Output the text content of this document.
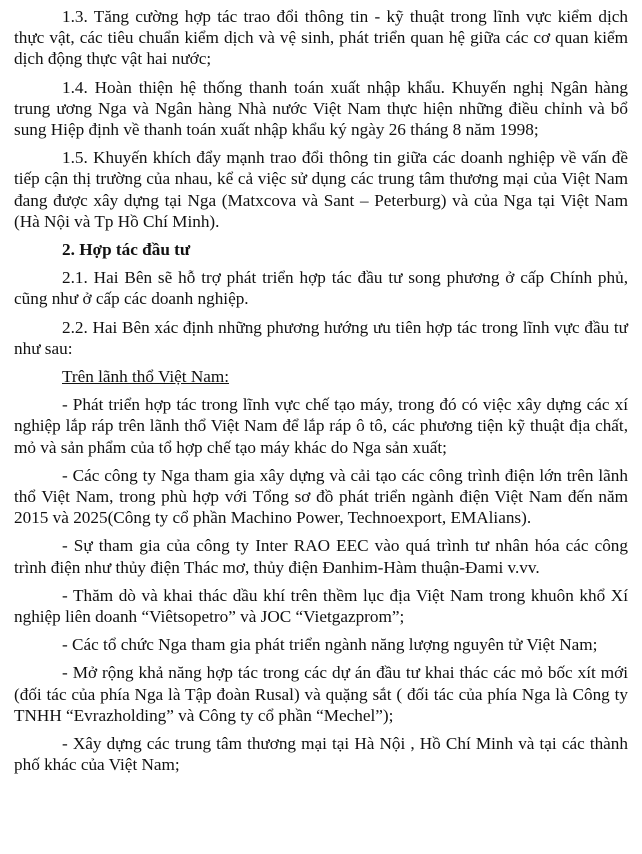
1.3. Tăng cường hợp tác trao đổi thông tin - kỹ thuật trong lĩnh vực kiểm dịch thực vật, các tiêu chuẩn kiểm dịch và vệ sinh, phát triển quan hệ giữa các cơ quan kiểm dịch động thực vật hai nước;

1.4. Hoàn thiện hệ thống thanh toán xuất nhập khẩu. Khuyến nghị Ngân hàng trung ương Nga và Ngân hàng Nhà nước Việt Nam thực hiện những điều chỉnh và bổ sung Hiệp định về thanh toán xuất nhập khẩu ký ngày 26 tháng 8 năm 1998;

1.5. Khuyến khích đẩy mạnh trao đổi thông tin giữa các doanh nghiệp về vấn đề tiếp cận thị trường của nhau, kể cả việc sử dụng các trung tâm thương mại của Việt Nam đang được xây dựng tại Nga (Matxcova và Sant – Peterburg) và của Nga tại Việt Nam (Hà Nội và Tp Hồ Chí Minh).

2. Hợp tác đầu tư

2.1. Hai Bên sẽ hỗ trợ phát triển hợp tác đầu tư song phương ở cấp Chính phủ, cũng như ở cấp các doanh nghiệp.

2.2. Hai Bên xác định những phương hướng ưu tiên hợp tác trong lĩnh vực đầu tư như sau:

Trên lãnh thổ Việt Nam:

- Phát triển hợp tác trong lĩnh vực chế tạo máy, trong đó có việc xây dựng các xí nghiệp lắp ráp trên lãnh thổ Việt Nam để lắp ráp ô tô, các phương tiện kỹ thuật địa chất, mỏ và sản phẩm của tổ hợp chế tạo máy khác do Nga sản xuất;

- Các công ty Nga tham gia xây dựng và cải tạo các công trình điện lớn trên lãnh thổ Việt Nam, trong phù hợp với Tổng sơ đồ phát triển ngành điện Việt Nam đến năm 2015 và 2025(Công ty cổ phần Machino Power, Technoexport, EMAlians).

- Sự tham gia của công ty Inter RAO EEC vào quá trình tư nhân hóa các công trình điện như thủy điện Thác mơ, thủy điện Đanhim-Hàm thuận-Đami v.vv.

- Thăm dò và khai thác dầu khí trên thềm lục địa Việt Nam trong khuôn khổ Xí nghiệp liên doanh “Viêtsopetro” và JOC “Vietgazprom”;

- Các tổ chức Nga tham gia phát triển ngành năng lượng nguyên tử Việt Nam;

- Mở rộng khả năng hợp tác trong các dự án đầu tư khai thác các mỏ bốc xít mới (đối tác của phía Nga là Tập đoàn Rusal) và quặng sắt ( đối tác của phía Nga là Công ty TNHH “Evrazholding” và Công ty cổ phần “Mechel”);

- Xây dựng các trung tâm thương mại tại Hà Nội , Hồ Chí Minh và tại các thành phố khác của Việt Nam;
